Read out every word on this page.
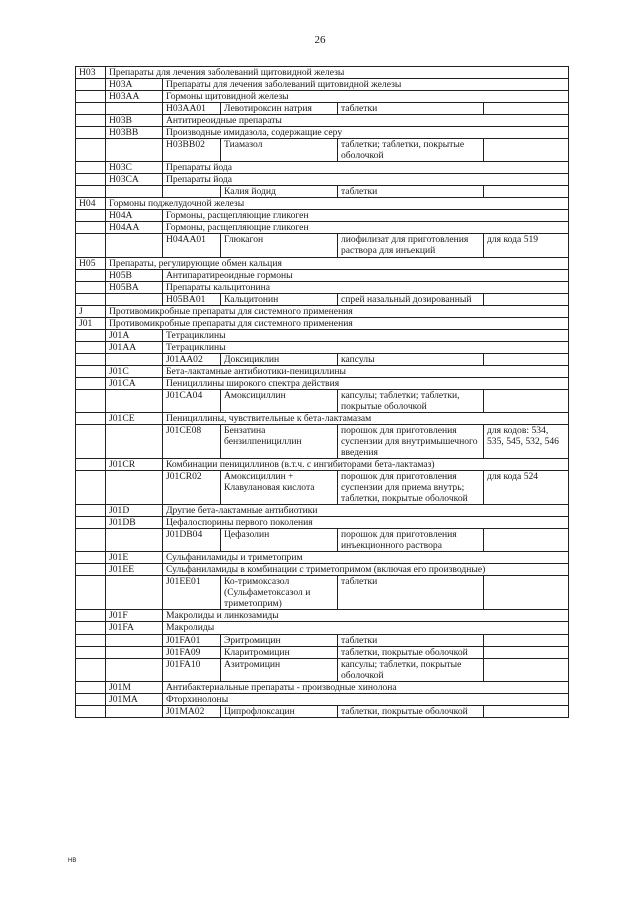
26
H03	Препараты для лечения заболеваний щитовидной железы				
	H03A	Препараты для лечения заболеваний щитовидной железы			
	H03AA	Гормоны щитовидной железы			
		H03AA01	Левотироксин натрия	таблетки	
	H03B	Антитиреоидные препараты			
	H03BB	Производные имидазола, содержащие серу			
		H03BB02	Тиамазол	таблетки; таблетки, покрытые оболочкой	
	H03C	Препараты йода			
	H03CA	Препараты йода			
			Калия йодид	таблетки	
H04	Гормоны поджелудочной железы				
	H04A	Гормоны, расщепляющие гликоген			
	H04AA	Гормоны, расщепляющие гликоген			
		H04AA01	Глюкагон	лиофилизат для приготовления раствора для инъекций	для кода 519
H05	Препараты, регулирующие обмен кальция				
	H05B	Антипаратиреоидные гормоны			
	H05BA	Препараты кальцитонина			
		H05BA01	Кальцитонин	спрей назальный дозированный	
J	Противомикробные препараты для системного применения				
J01	Противомикробные препараты для системного применения				
	J01A	Тетрациклины			
	J01AA	Тетрациклины			
		J01AA02	Доксициклин	капсулы	
	J01C	Бета-лактамные антибиотики-пенициллины			
	J01CA	Пенициллины широкого спектра действия			
		J01CA04	Амоксициллин	капсулы; таблетки; таблетки, покрытые оболочкой	
	J01CE	Пенициллины, чувствительные к бета-лактамазам			
		J01CE08	Бензатина бензилпенициллин	порошок для приготовления суспензии для внутримышечного введения	для кодов: 534, 535, 545, 532, 546
	J01CR	Комбинации пенициллинов (в.т.ч. с ингибиторами бета-лактамаз)			
		J01CR02	Амоксициллин + Клавулановая кислота	порошок для приготовления суспензии для приема внутрь; таблетки, покрытые оболочкой	для кода 524
	J01D	Другие бета-лактамные антибиотики			
	J01DB	Цефалоспорины первого поколения			
		J01DB04	Цефазолин	порошок для приготовления инъекционного раствора	
	J01E	Сульфаниламиды и триметоприм			
	J01EE	Сульфаниламиды в комбинации с триметопримом (включая его производные)			
		J01EE01	Ко-тримоксазол (Сульфаметоксазол и триметоприм)	таблетки	
	J01F	Макролиды и линкозамиды			
	J01FA	Макролиды			
		J01FA01	Эритромицин	таблетки	
		J01FA09	Кларитромицин	таблетки, покрытые оболочкой	
		J01FA10	Азитромицин	капсулы; таблетки, покрытые оболочкой	
	J01M	Антибактериальные препараты - производные хинолона			
	J01MA	Фторхинолоны			
		J01MA02	Ципрофлоксацин	таблетки, покрытые оболочкой	
НВ
